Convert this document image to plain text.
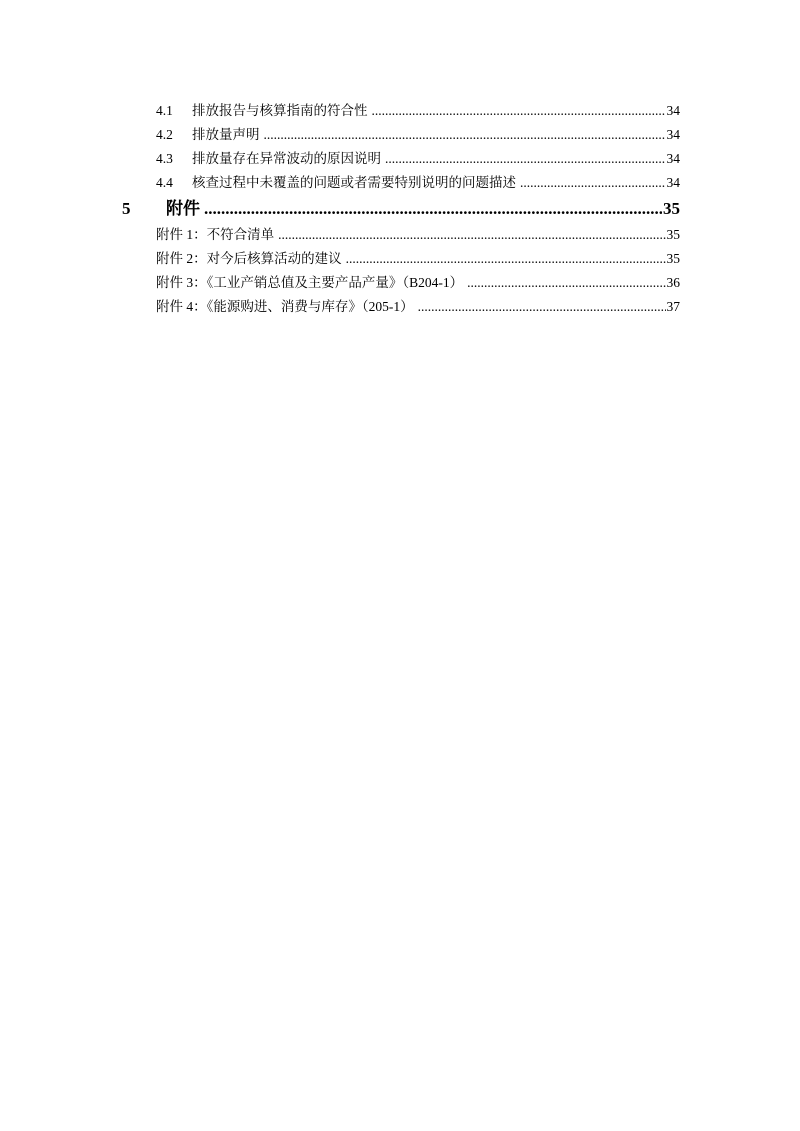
4.1	排放报告与核算指南的符合性 .....	34
4.2	排放量声明 .....	34
4.3	排放量存在异常波动的原因说明 .....	34
4.4	核查过程中未覆盖的问题或者需要特别说明的问题描述 .....	34
5	附件 .....	35
附件 1：不符合清单 .....	35
附件 2：对今后核算活动的建议 .....	35
附件 3：《工业产销总值及主要产品产量》（B204-1） .....	36
附件 4：《能源购进、消费与库存》（205-1） .....	37
